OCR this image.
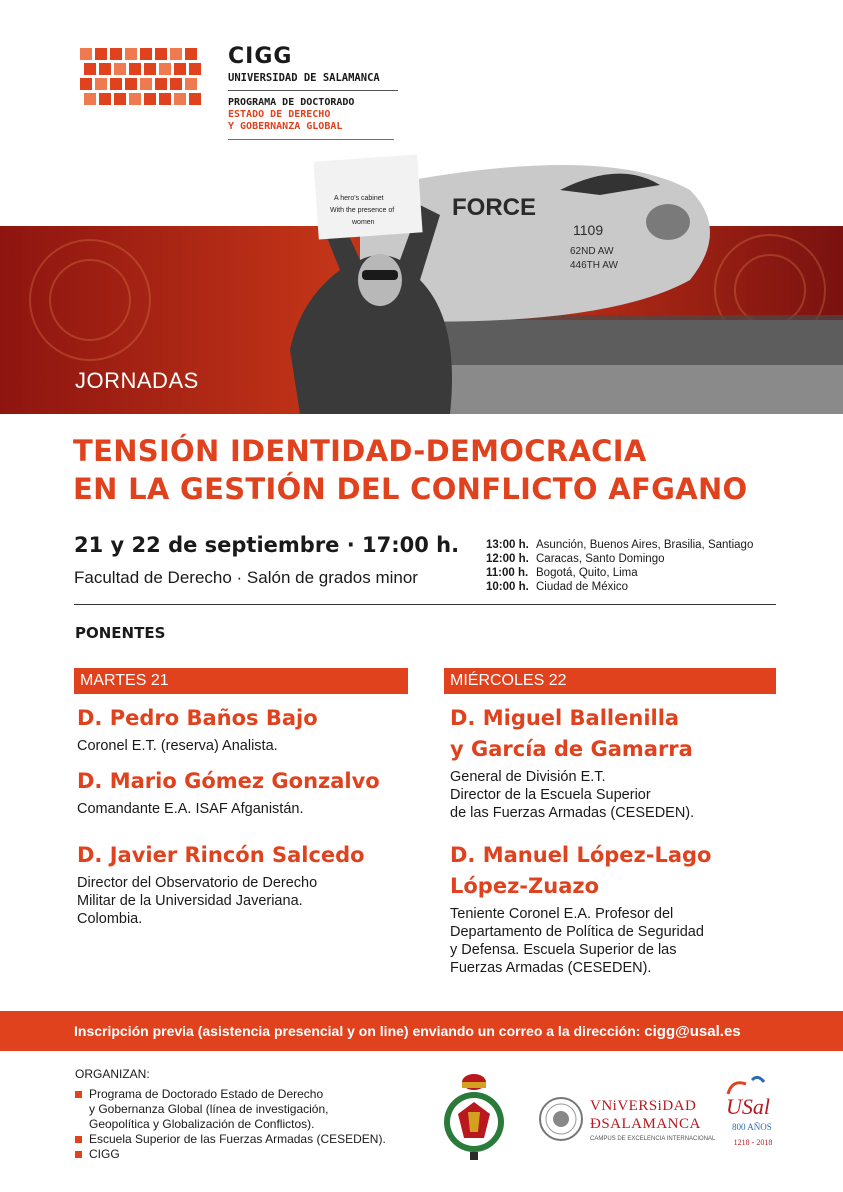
CIGG
UNIVERSIDAD DE SALAMANCA
PROGRAMA DE DOCTORADO
ESTADO DE DERECHO
Y GOBERNANZA GLOBAL
FORCE
1109
62ND AW
446TH AW
A hero's cabinet
With the presence of
women
JORNADAS
TENSIÓN IDENTIDAD-DEMOCRACIA
EN LA GESTIÓN DEL CONFLICTO AFGANO
21 y 22 de septiembre · 17:00 h.
Facultad de Derecho · Salón de grados minor
13:00 h. Asunción, Buenos Aires, Brasilia, Santiago
12:00 h. Caracas, Santo Domingo
11:00 h. Bogotá, Quito, Lima
10:00 h. Ciudad de México
PONENTES
MARTES 21	MIÉRCOLES 22
D. Pedro Baños Bajo
Coronel E.T. (reserva) Analista.
D. Mario Gómez Gonzalvo
Comandante E.A. ISAF Afganistán.
D. Javier Rincón Salcedo
Director del Observatorio de Derecho
Militar de la Universidad Javeriana.
Colombia.
D. Miguel Ballenilla
y García de Gamarra
General de División E.T.
Director de la Escuela Superior
de las Fuerzas Armadas (CESEDEN).
D. Manuel López-Lago
López-Zuazo
Teniente Coronel E.A. Profesor del
Departamento de Política de Seguridad
y Defensa. Escuela Superior de las
Fuerzas Armadas (CESEDEN).
Inscripción previa (asistencia presencial y on line) enviando un correo a la dirección: cigg@usal.es
ORGANIZAN:
Programa de Doctorado Estado de Derecho
y Gobernanza Global (línea de investigación,
Geopolítica y Globalización de Conflictos).
Escuela Superior de las Fuerzas Armadas (CESEDEN).
CIGG
VNiVERSiDAD
ÐSALAMANCA
CAMPUS DE EXCELENCIA INTERNACIONAL
USal
800 AÑOS
1218 - 2018
